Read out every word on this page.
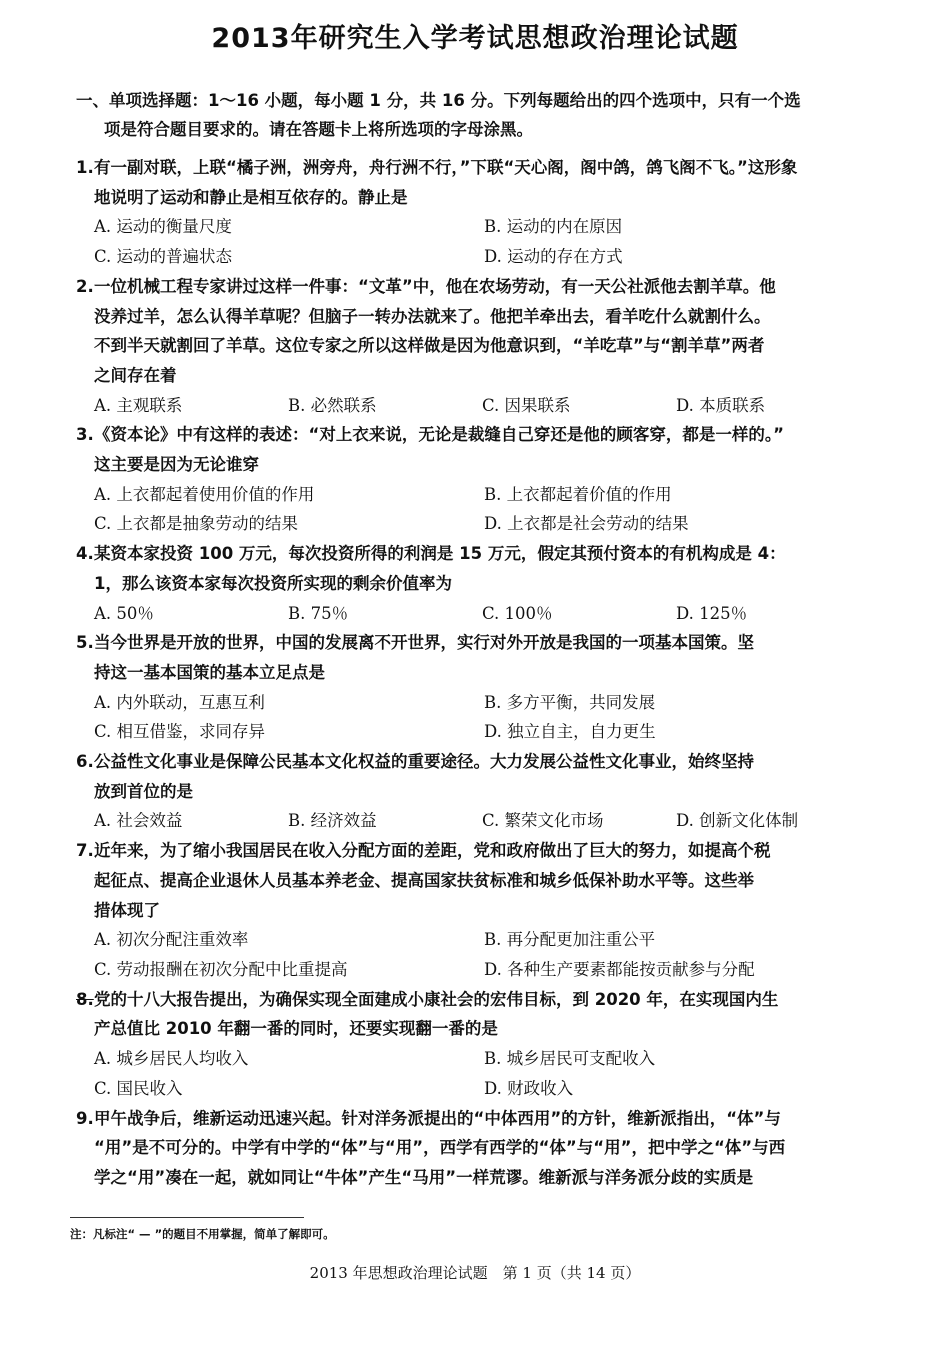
2013年研究生入学考试思想政治理论试题
一、单项选择题：1～16 小题，每小题 1 分，共 16 分。下列每题给出的四个选项中，只有一个选
项是符合题目要求的。请在答题卡上将所选项的字母涂黑。
1.有一副对联，上联“橘子洲，洲旁舟，舟行洲不行，”下联“天心阁，阁中鸽，鸽飞阁不飞。”这形象
地说明了运动和静止是相互依存的。静止是
A. 运动的衡量尺度	B. 运动的内在原因
C. 运动的普遍状态	D. 运动的存在方式
2.一位机械工程专家讲过这样一件事：“文革”中，他在农场劳动，有一天公社派他去割羊草。他
没养过羊，怎么认得羊草呢？但脑子一转办法就来了。他把羊牵出去，看羊吃什么就割什么。
不到半天就割回了羊草。这位专家之所以这样做是因为他意识到，“羊吃草”与“割羊草”两者
之间存在着
A. 主观联系	B. 必然联系	C. 因果联系	D. 本质联系
3.《资本论》中有这样的表述：“对上衣来说，无论是裁缝自己穿还是他的顾客穿，都是一样的。”
这主要是因为无论谁穿
A. 上衣都起着使用价值的作用	B. 上衣都起着价值的作用
C. 上衣都是抽象劳动的结果	D. 上衣都是社会劳动的结果
4.某资本家投资 100 万元，每次投资所得的利润是 15 万元，假定其预付资本的有机构成是 4：
1，那么该资本家每次投资所实现的剩余价值率为
A. 50％	B. 75％	C. 100％	D. 125％
5.当今世界是开放的世界，中国的发展离不开世界，实行对外开放是我国的一项基本国策。坚
持这一基本国策的基本立足点是
A. 内外联动，互惠互利	B. 多方平衡，共同发展
C. 相互借鉴，求同存异	D. 独立自主，自力更生
6.公益性文化事业是保障公民基本文化权益的重要途径。大力发展公益性文化事业，始终坚持
放到首位的是
A. 社会效益	B. 经济效益	C. 繁荣文化市场	D. 创新文化体制
7.近年来，为了缩小我国居民在收入分配方面的差距，党和政府做出了巨大的努力，如提高个税
起征点、提高企业退休人员基本养老金、提高国家扶贫标准和城乡低保补助水平等。这些举
措体现了
A. 初次分配注重效率	B. 再分配更加注重公平
C. 劳动报酬在初次分配中比重提高	D. 各种生产要素都能按贡献参与分配
8.党的十八大报告提出，为确保实现全面建成小康社会的宏伟目标，到 2020 年，在实现国内生
产总值比 2010 年翻一番的同时，还要实现翻一番的是
A. 城乡居民人均收入	B. 城乡居民可支配收入
C. 国民收入	D. 财政收入
9.甲午战争后，维新运动迅速兴起。针对洋务派提出的“中体西用”的方针，维新派指出，“体”与
“用”是不可分的。中学有中学的“体”与“用”，西学有西学的“体”与“用”，把中学之“体”与西
学之“用”凑在一起，就如同让“牛体”产生“马用”一样荒谬。维新派与洋务派分歧的实质是
注：凡标注“ — ”的题目不用掌握，简单了解即可。
2013 年思想政治理论试题　第 1 页（共 14 页）
